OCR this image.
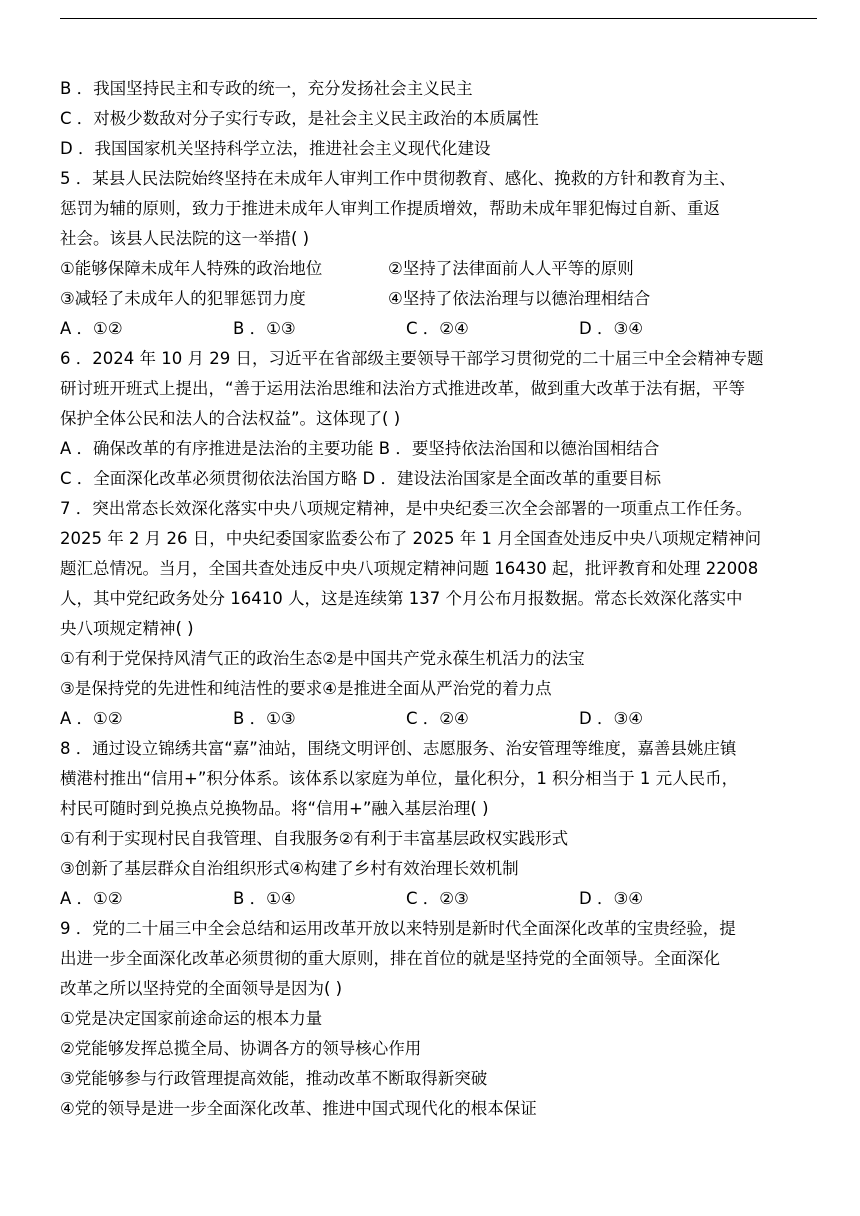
B ．我国坚持民主和专政的统一，充分发扬社会主义民主
C ．对极少数敌对分子实行专政，是社会主义民主政治的本质属性
D ．我国国家机关坚持科学立法，推进社会主义现代化建设
5 ．某县人民法院始终坚持在未成年人审判工作中贯彻教育、感化、挽救的方针和教育为主、
惩罚为辅的原则，致力于推进未成年人审判工作提质增效，帮助未成年罪犯悔过自新、重返
社会。该县人民法院的这一举措( )
①能够保障未成年人特殊的政治地位	②坚持了法律面前人人平等的原则
③减轻了未成年人的犯罪惩罚力度	④坚持了依法治理与以德治理相结合
A ．①②	B ．①③	C ．②④	D ．③④
6 ．2024 年 10 月 29 日，习近平在省部级主要领导干部学习贯彻党的二十届三中全会精神专题
研讨班开班式上提出，“善于运用法治思维和法治方式推进改革，做到重大改革于法有据，平等
保护全体公民和法人的合法权益”。这体现了( )
A ．确保改革的有序推进是法治的主要功能 B ．要坚持依法治国和以德治国相结合
C ．全面深化改革必须贯彻依法治国方略 D ．建设法治国家是全面改革的重要目标
7 ．突出常态长效深化落实中央八项规定精神，是中央纪委三次全会部署的一项重点工作任务。
2025 年 2 月 26 日，中央纪委国家监委公布了 2025 年 1 月全国查处违反中央八项规定精神问
题汇总情况。当月，全国共查处违反中央八项规定精神问题 16430 起，批评教育和处理 22008
人，其中党纪政务处分 16410 人，这是连续第 137 个月公布月报数据。常态长效深化落实中
央八项规定精神( )
①有利于党保持风清气正的政治生态②是中国共产党永葆生机活力的法宝
③是保持党的先进性和纯洁性的要求④是推进全面从严治党的着力点
A ．①②	B ．①③	C ．②④	D ．③④
8 ．通过设立锦绣共富“嘉”油站，围绕文明评创、志愿服务、治安管理等维度，嘉善县姚庄镇
横港村推出“信用+”积分体系。该体系以家庭为单位，量化积分，1 积分相当于 1 元人民币，
村民可随时到兑换点兑换物品。将“信用+”融入基层治理( )
①有利于实现村民自我管理、自我服务②有利于丰富基层政权实践形式
③创新了基层群众自治组织形式④构建了乡村有效治理长效机制
A ．①②	B ．①④	C ．②③	D ．③④
9 ．党的二十届三中全会总结和运用改革开放以来特别是新时代全面深化改革的宝贵经验，提
出进一步全面深化改革必须贯彻的重大原则，排在首位的就是坚持党的全面领导。全面深化
改革之所以坚持党的全面领导是因为( )
①党是决定国家前途命运的根本力量
②党能够发挥总揽全局、协调各方的领导核心作用
③党能够参与行政管理提高效能，推动改革不断取得新突破
④党的领导是进一步全面深化改革、推进中国式现代化的根本保证
